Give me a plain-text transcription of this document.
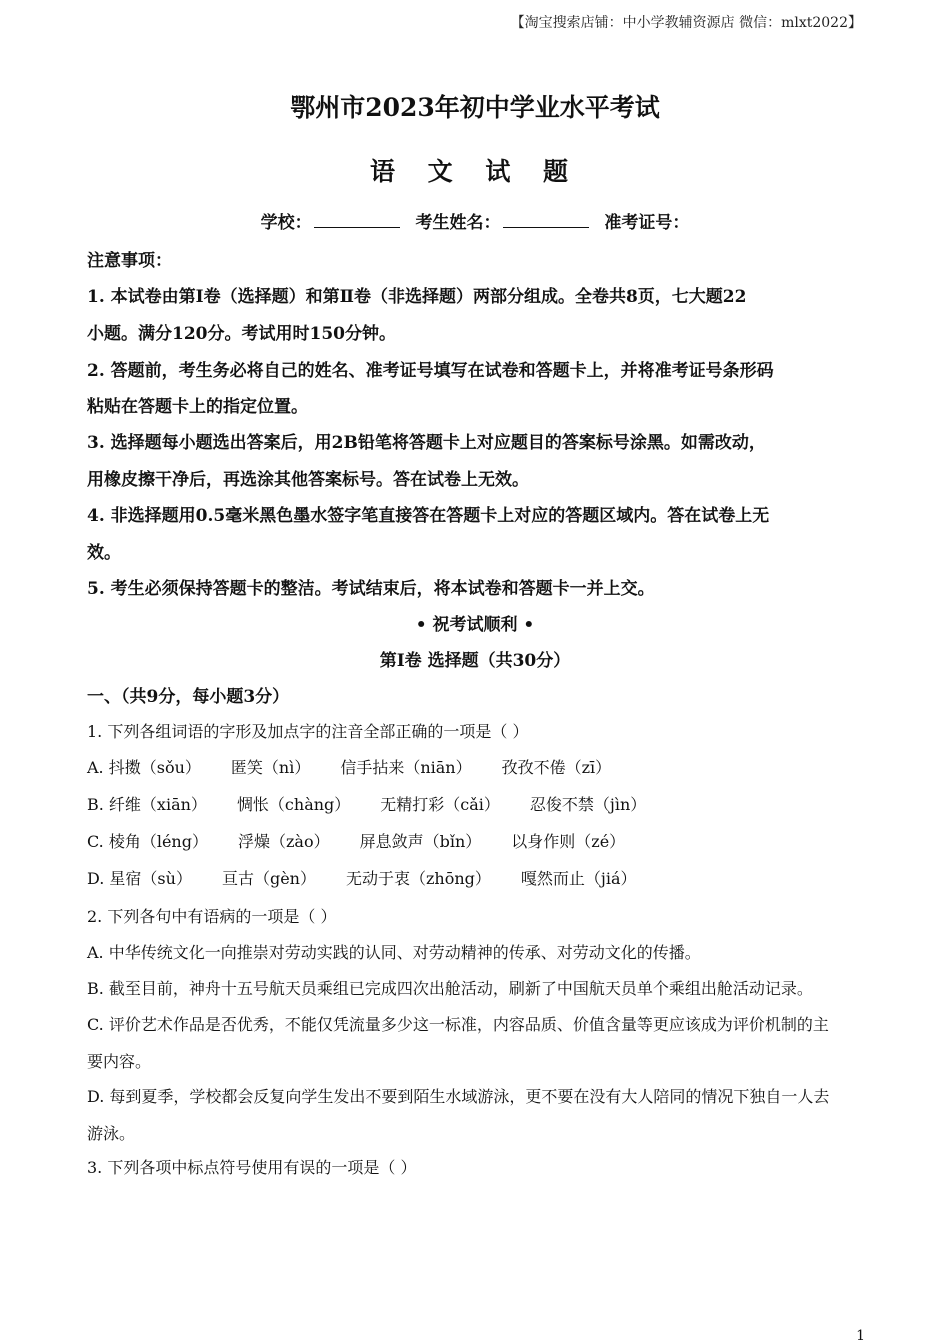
【淘宝搜索店铺：中小学教辅资源店 微信：mlxt2022】
鄂州市2023年初中学业水平考试
语 文 试 题
学校：	考生姓名：	准考证号：
注意事项：
1. 本试卷由第Ⅰ卷（选择题）和第Ⅱ卷（非选择题）两部分组成。全卷共8页，七大题22
小题。满分120分。考试用时150分钟。
2. 答题前，考生务必将自己的姓名、准考证号填写在试卷和答题卡上，并将准考证号条形码
粘贴在答题卡上的指定位置。
3. 选择题每小题选出答案后，用2B铅笔将答题卡上对应题目的答案标号涂黑。如需改动，
用橡皮擦干净后，再选涂其他答案标号。答在试卷上无效。
4. 非选择题用0.5毫米黑色墨水签字笔直接答在答题卡上对应的答题区域内。答在试卷上无
效。
5. 考生必须保持答题卡的整洁。考试结束后，将本试卷和答题卡一并上交。
• 祝考试顺利 •
第Ⅰ卷 选择题（共30分）
一、（共9分，每小题3分）
1. 下列各组词语的字形及加点字的注音全部正确的一项是（ ）
A. 抖擞（sǒu） 匿笑（nì） 信手拈来（niān） 孜孜不倦（zī）
B. 纤维（xiān） 惆怅（chàng） 无精打彩（cǎi） 忍俊不禁（jìn）
C. 棱角（léng） 浮燥（zào） 屏息敛声（bǐn） 以身作则（zé）
D. 星宿（sù） 亘古（gèn） 无动于衷（zhōng） 嘎然而止（jiá）
2. 下列各句中有语病的一项是（ ）
A. 中华传统文化一向推崇对劳动实践的认同、对劳动精神的传承、对劳动文化的传播。
B. 截至目前，神舟十五号航天员乘组已完成四次出舱活动，刷新了中国航天员单个乘组出舱活动记录。
C. 评价艺术作品是否优秀，不能仅凭流量多少这一标准，内容品质、价值含量等更应该成为评价机制的主
要内容。
D. 每到夏季，学校都会反复向学生发出不要到陌生水域游泳，更不要在没有大人陪同的情况下独自一人去
游泳。
3. 下列各项中标点符号使用有误的一项是（ ）
1
